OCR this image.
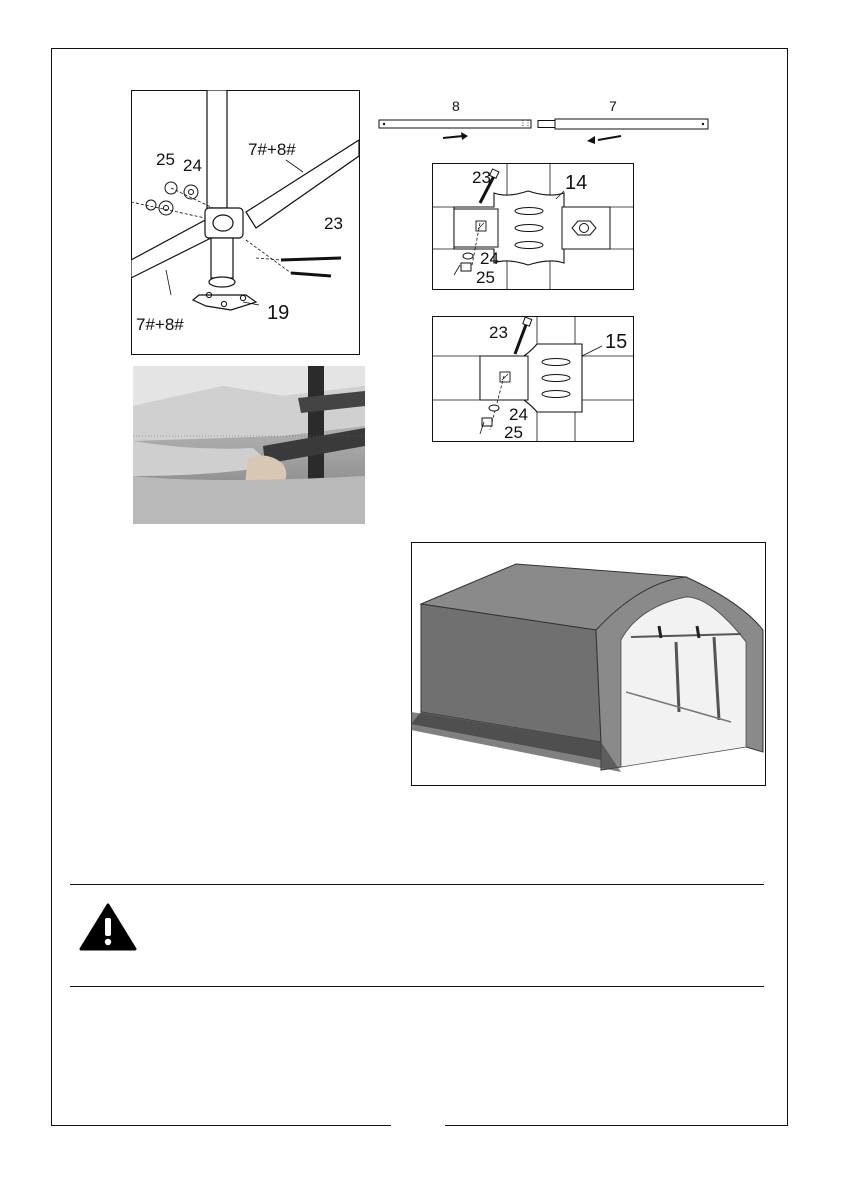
25 24
7#+8#
23
7#+8#
19
8	7
23	14
24
25
23	15
24
25
